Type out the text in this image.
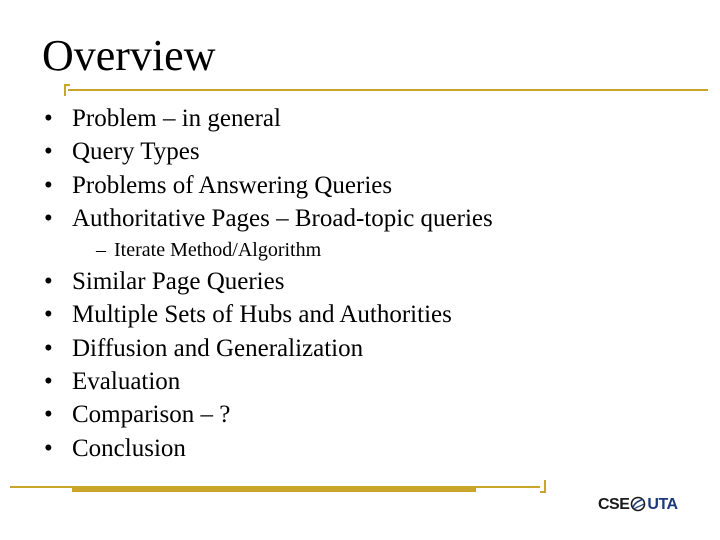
Overview
• Problem – in general
• Query Types
• Problems of Answering Queries
• Authoritative Pages – Broad-topic queries
– Iterate Method/Algorithm
• Similar Page Queries
• Multiple Sets of Hubs and Authorities
• Diffusion and Generalization
• Evaluation
• Comparison – ?
• Conclusion
CSE UTA
